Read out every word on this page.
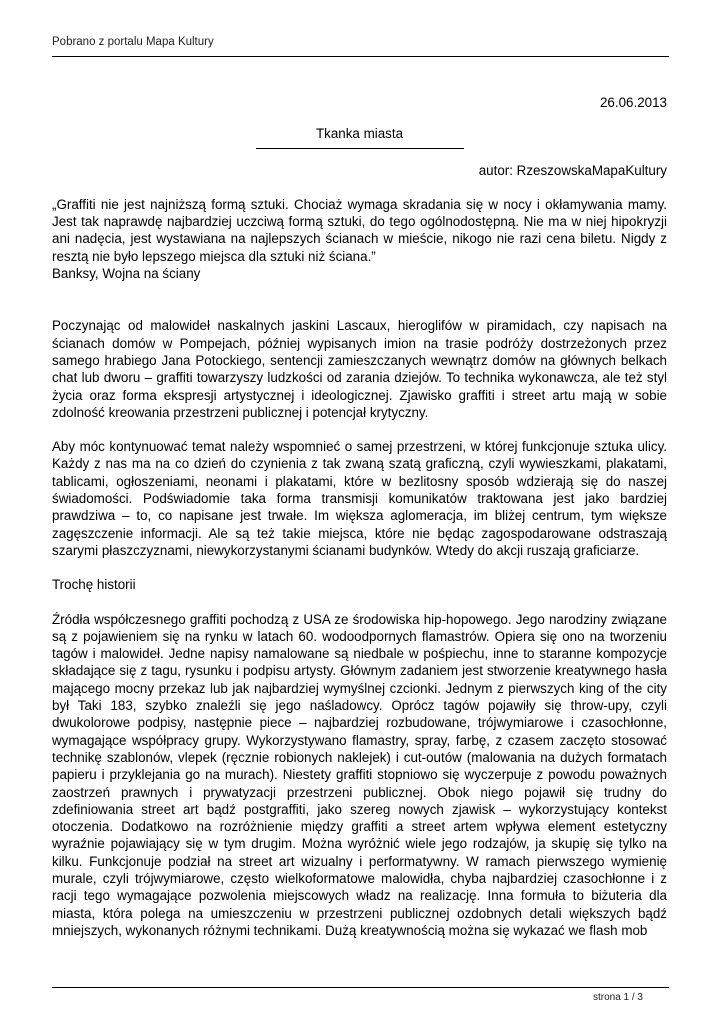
Pobrano z portalu Mapa Kultury

26.06.2013

Tkanka miasta

autor: RzeszowskaMapaKultury

„Graffiti nie jest najniższą formą sztuki. Chociaż wymaga skradania się w nocy i okłamywania mamy. Jest tak naprawdę najbardziej uczciwą formą sztuki, do tego ogólnodostępną. Nie ma w niej hipokryzji ani nadęcia, jest wystawiana na najlepszych ścianach w mieście, nikogo nie razi cena biletu. Nigdy z resztą nie było lepszego miejsca dla sztuki niż ściana.”

Banksy, Wojna na ściany

Poczynając od malowideł naskalnych jaskini Lascaux, hieroglifów w piramidach, czy napisach na ścianach domów w Pompejach, później wypisanych imion na trasie podróży dostrzeżonych przez samego hrabiego Jana Potockiego, sentencji zamieszczanych wewnątrz domów na głównych belkach chat lub dworu – graffiti towarzyszy ludzkości od zarania dziejów. To technika wykonawcza, ale też styl życia oraz forma ekspresji artystycznej i ideologicznej. Zjawisko graffiti i street artu mają w sobie zdolność kreowania przestrzeni publicznej i potencjał krytyczny.

Aby móc kontynuować temat należy wspomnieć o samej przestrzeni, w której funkcjonuje sztuka ulicy. Każdy z nas ma na co dzień do czynienia z tak zwaną szatą graficzną, czyli wywieszkami, plakatami, tablicami, ogłoszeniami, neonami i plakatami, które w bezlitosny sposób wdzierają się do naszej świadomości. Podświadomie taka forma transmisji komunikatów traktowana jest jako bardziej prawdziwa – to, co napisane jest trwałe. Im większa aglomeracja, im bliżej centrum, tym większe zagęszczenie informacji. Ale są też takie miejsca, które nie będąc zagospodarowane odstraszają szarymi płaszczyznami, niewykorzystanymi ścianami budynków. Wtedy do akcji ruszają graficiarze.

Trochę historii

Źródła współczesnego graffiti pochodzą z USA ze środowiska hip-hopowego. Jego narodziny związane są z pojawieniem się na rynku w latach 60. wodoodpornych flamastrów. Opiera się ono na tworzeniu tagów i malowideł. Jedne napisy namalowane są niedbale w pośpiechu, inne to staranne kompozycje składające się z tagu, rysunku i podpisu artysty. Głównym zadaniem jest stworzenie kreatywnego hasła mającego mocny przekaz lub jak najbardziej wymyślnej czcionki. Jednym z pierwszych king of the city był Taki 183, szybko znaleźli się jego naśladowcy. Oprócz tagów pojawiły się throw-upy, czyli dwukolorowe podpisy, następnie piece – najbardziej rozbudowane, trójwymiarowe i czasochłonne, wymagające współpracy grupy. Wykorzystywano flamastry, spray, farbę, z czasem zaczęto stosować technikę szablonów, vlepek (ręcznie robionych naklejek) i cut-outów (malowania na dużych formatach papieru i przyklejania go na murach). Niestety graffiti stopniowo się wyczerpuje z powodu poważnych zaostrzeń prawnych i prywatyzacji przestrzeni publicznej. Obok niego pojawił się trudny do zdefiniowania street art bądź postgraffiti, jako szereg nowych zjawisk – wykorzystujący kontekst otoczenia. Dodatkowo na rozróżnienie między graffiti a street artem wpływa element estetyczny wyraźnie pojawiający się w tym drugim. Można wyróżnić wiele jego rodzajów, ja skupię się tylko na kilku. Funkcjonuje podział na street art wizualny i performatywny. W ramach pierwszego wymienię murale, czyli trójwymiarowe, często wielkoformatowe malowidła, chyba najbardziej czasochłonne i z racji tego wymagające pozwolenia miejscowych władz na realizację. Inna formuła to biżuteria dla miasta, która polega na umieszczeniu w przestrzeni publicznej ozdobnych detali większych bądź mniejszych, wykonanych różnymi technikami. Dużą kreatywnością można się wykazać we flash mob

strona 1 / 3
